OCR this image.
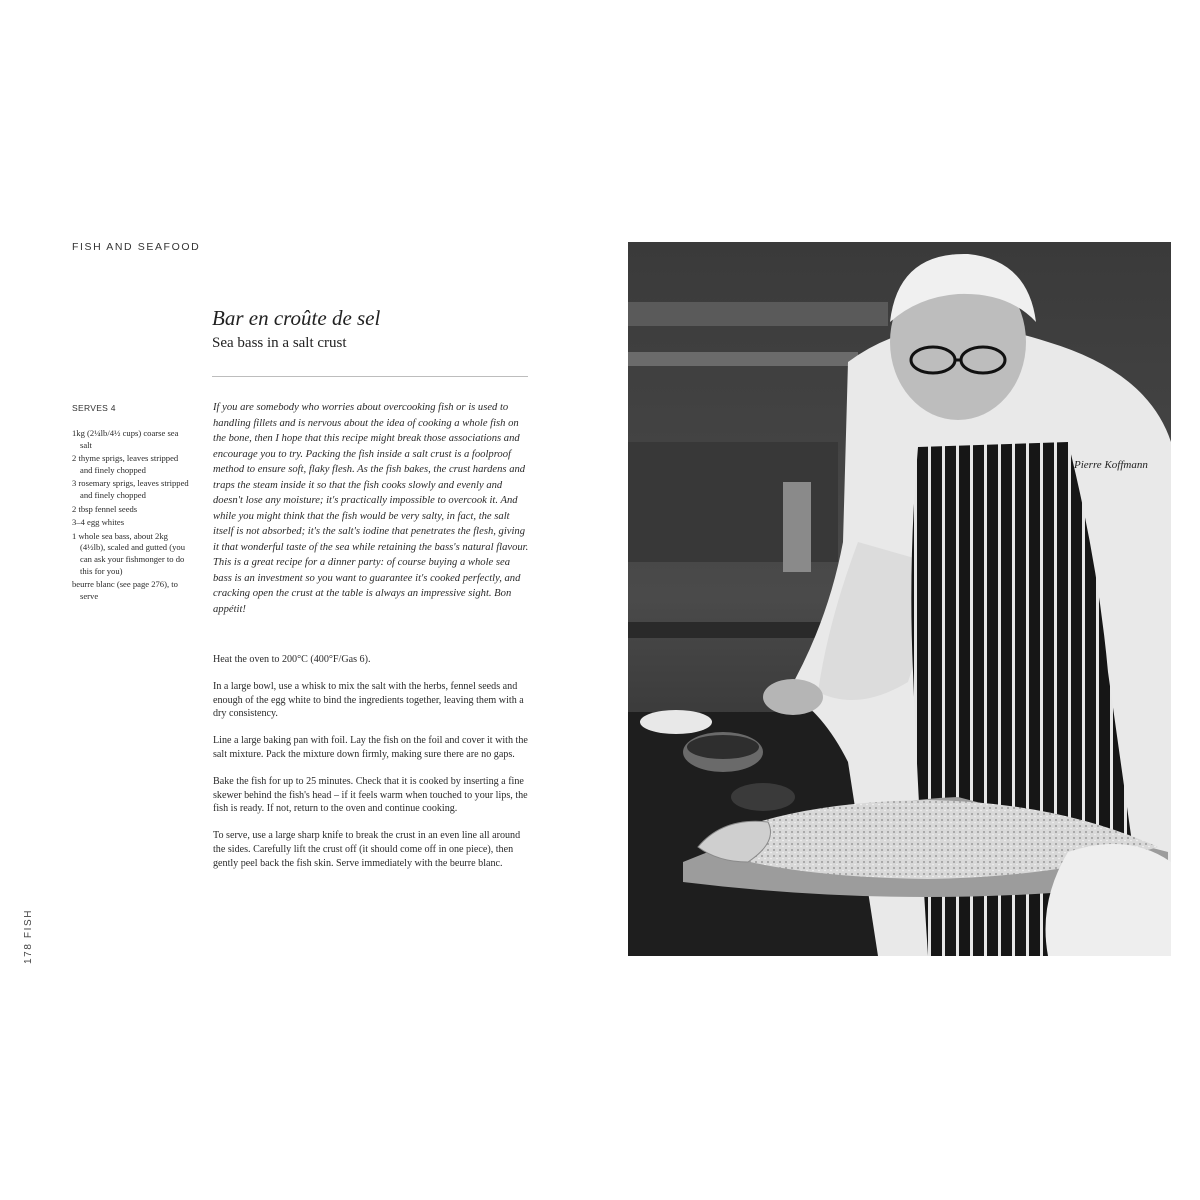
FISH AND SEAFOOD
Bar en croûte de sel
Sea bass in a salt crust
SERVES 4
1kg (2¼lb/4½ cups) coarse sea salt
2 thyme sprigs, leaves stripped and finely chopped
3 rosemary sprigs, leaves stripped and finely chopped
2 tbsp fennel seeds
3–4 egg whites
1 whole sea bass, about 2kg (4½lb), scaled and gutted (you can ask your fishmonger to do this for you)
beurre blanc (see page 276), to serve

If you are somebody who worries about overcooking fish or is used to handling fillets and is nervous about the idea of cooking a whole fish on the bone, then I hope that this recipe might break those associations and encourage you to try. Packing the fish inside a salt crust is a foolproof method to ensure soft, flaky flesh. As the fish bakes, the crust hardens and traps the steam inside it so that the fish cooks slowly and evenly and doesn't lose any moisture; it's practically impossible to overcook it. And while you might think that the fish would be very salty, in fact, the salt itself is not absorbed; it's the salt's iodine that penetrates the flesh, giving it that wonderful taste of the sea while retaining the bass's natural flavour. This is a great recipe for a dinner party: of course buying a whole sea bass is an investment so you want to guarantee it's cooked perfectly, and cracking open the crust at the table is always an impressive sight. Bon appétit!

Heat the oven to 200°C (400°F/Gas 6).

In a large bowl, use a whisk to mix the salt with the herbs, fennel seeds and enough of the egg white to bind the ingredients together, leaving them with a dry consistency.

Line a large baking pan with foil. Lay the fish on the foil and cover it with the salt mixture. Pack the mixture down firmly, making sure there are no gaps.

Bake the fish for up to 25 minutes. Check that it is cooked by inserting a fine skewer behind the fish's head – if it feels warm when touched to your lips, the fish is ready. If not, return to the oven and continue cooking.

To serve, use a large sharp knife to break the crust in an even line all around the sides. Carefully lift the crust off (it should come off in one piece), then gently peel back the fish skin. Serve immediately with the beurre blanc.

178 FISH
Pierre Koffmann
